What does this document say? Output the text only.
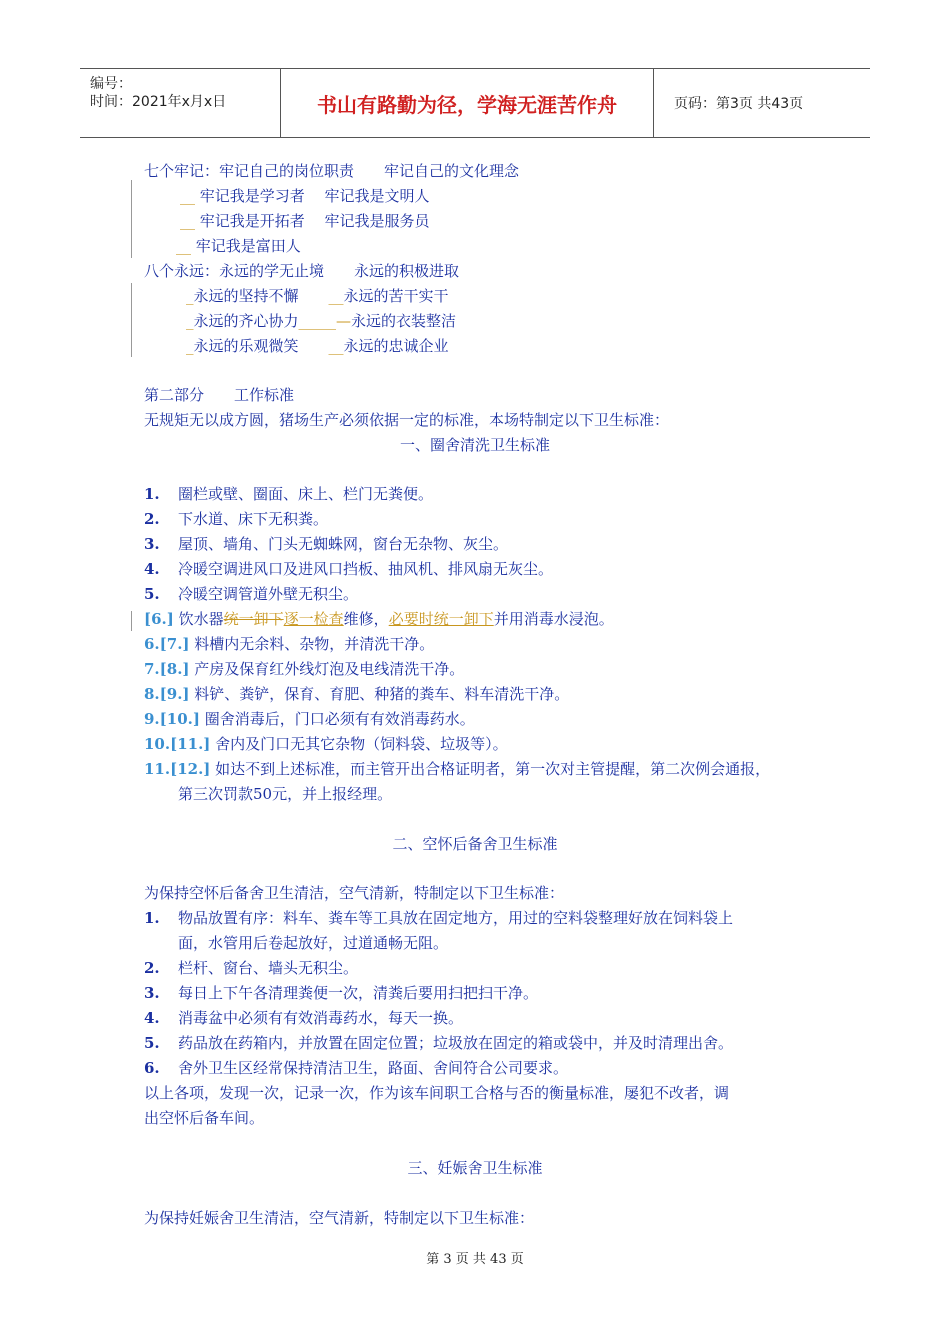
编号：
时间：2021年x月x日	书山有路勤为径，学海无涯苦作舟	页码：第3页 共43页
七个牢记：牢记自己的岗位职责　　牢记自己的文化理念
__ 牢记我是学习者　 牢记我是文明人
__ 牢记我是开拓者　 牢记我是服务员
__ 牢记我是富田人
八个永远：永远的学无止境　　永远的积极进取
_永远的坚持不懈　　__永远的苦干实干
_永远的齐心协力_____—永远的衣装整洁
_永远的乐观微笑　　__永远的忠诚企业
第二部分　　工作标准
无规矩无以成方圆，猪场生产必须依据一定的标准，本场特制定以下卫生标准：
一、圈舍清洗卫生标准
1. 圈栏或壁、圈面、床上、栏门无粪便。
2. 下水道、床下无积粪。
3. 屋顶、墙角、门头无蜘蛛网，窗台无杂物、灰尘。
4. 冷暖空调进风口及进风口挡板、抽风机、排风扇无灰尘。
5. 冷暖空调管道外壁无积尘。
[6.] 饮水器统一卸下逐一检查维修，必要时统一卸下并用消毒水浸泡。
6.[7.] 料槽内无余料、杂物，并清洗干净。
7.[8.] 产房及保育红外线灯泡及电线清洗干净。
8.[9.] 料铲、粪铲，保育、育肥、种猪的粪车、料车清洗干净。
9.[10.] 圈舍消毒后，门口必须有有效消毒药水。
10.[11.] 舍内及门口无其它杂物（饲料袋、垃圾等）。
11.[12.] 如达不到上述标准，而主管开出合格证明者，第一次对主管提醒，第二次例会通报，
第三次罚款50元，并上报经理。
二、空怀后备舍卫生标准
为保持空怀后备舍卫生清洁，空气清新，特制定以下卫生标准：
1. 物品放置有序：料车、粪车等工具放在固定地方，用过的空料袋整理好放在饲料袋上
面，水管用后卷起放好，过道通畅无阻。
2. 栏杆、窗台、墙头无积尘。
3. 每日上下午各清理粪便一次，清粪后要用扫把扫干净。
4. 消毒盆中必须有有效消毒药水，每天一换。
5. 药品放在药箱内，并放置在固定位置；垃圾放在固定的箱或袋中，并及时清理出舍。
6. 舍外卫生区经常保持清洁卫生，路面、舍间符合公司要求。
以上各项，发现一次，记录一次，作为该车间职工合格与否的衡量标准，屡犯不改者，调
出空怀后备车间。
三、妊娠舍卫生标准
为保持妊娠舍卫生清洁，空气清新，特制定以下卫生标准：
第 3 页 共 43 页
